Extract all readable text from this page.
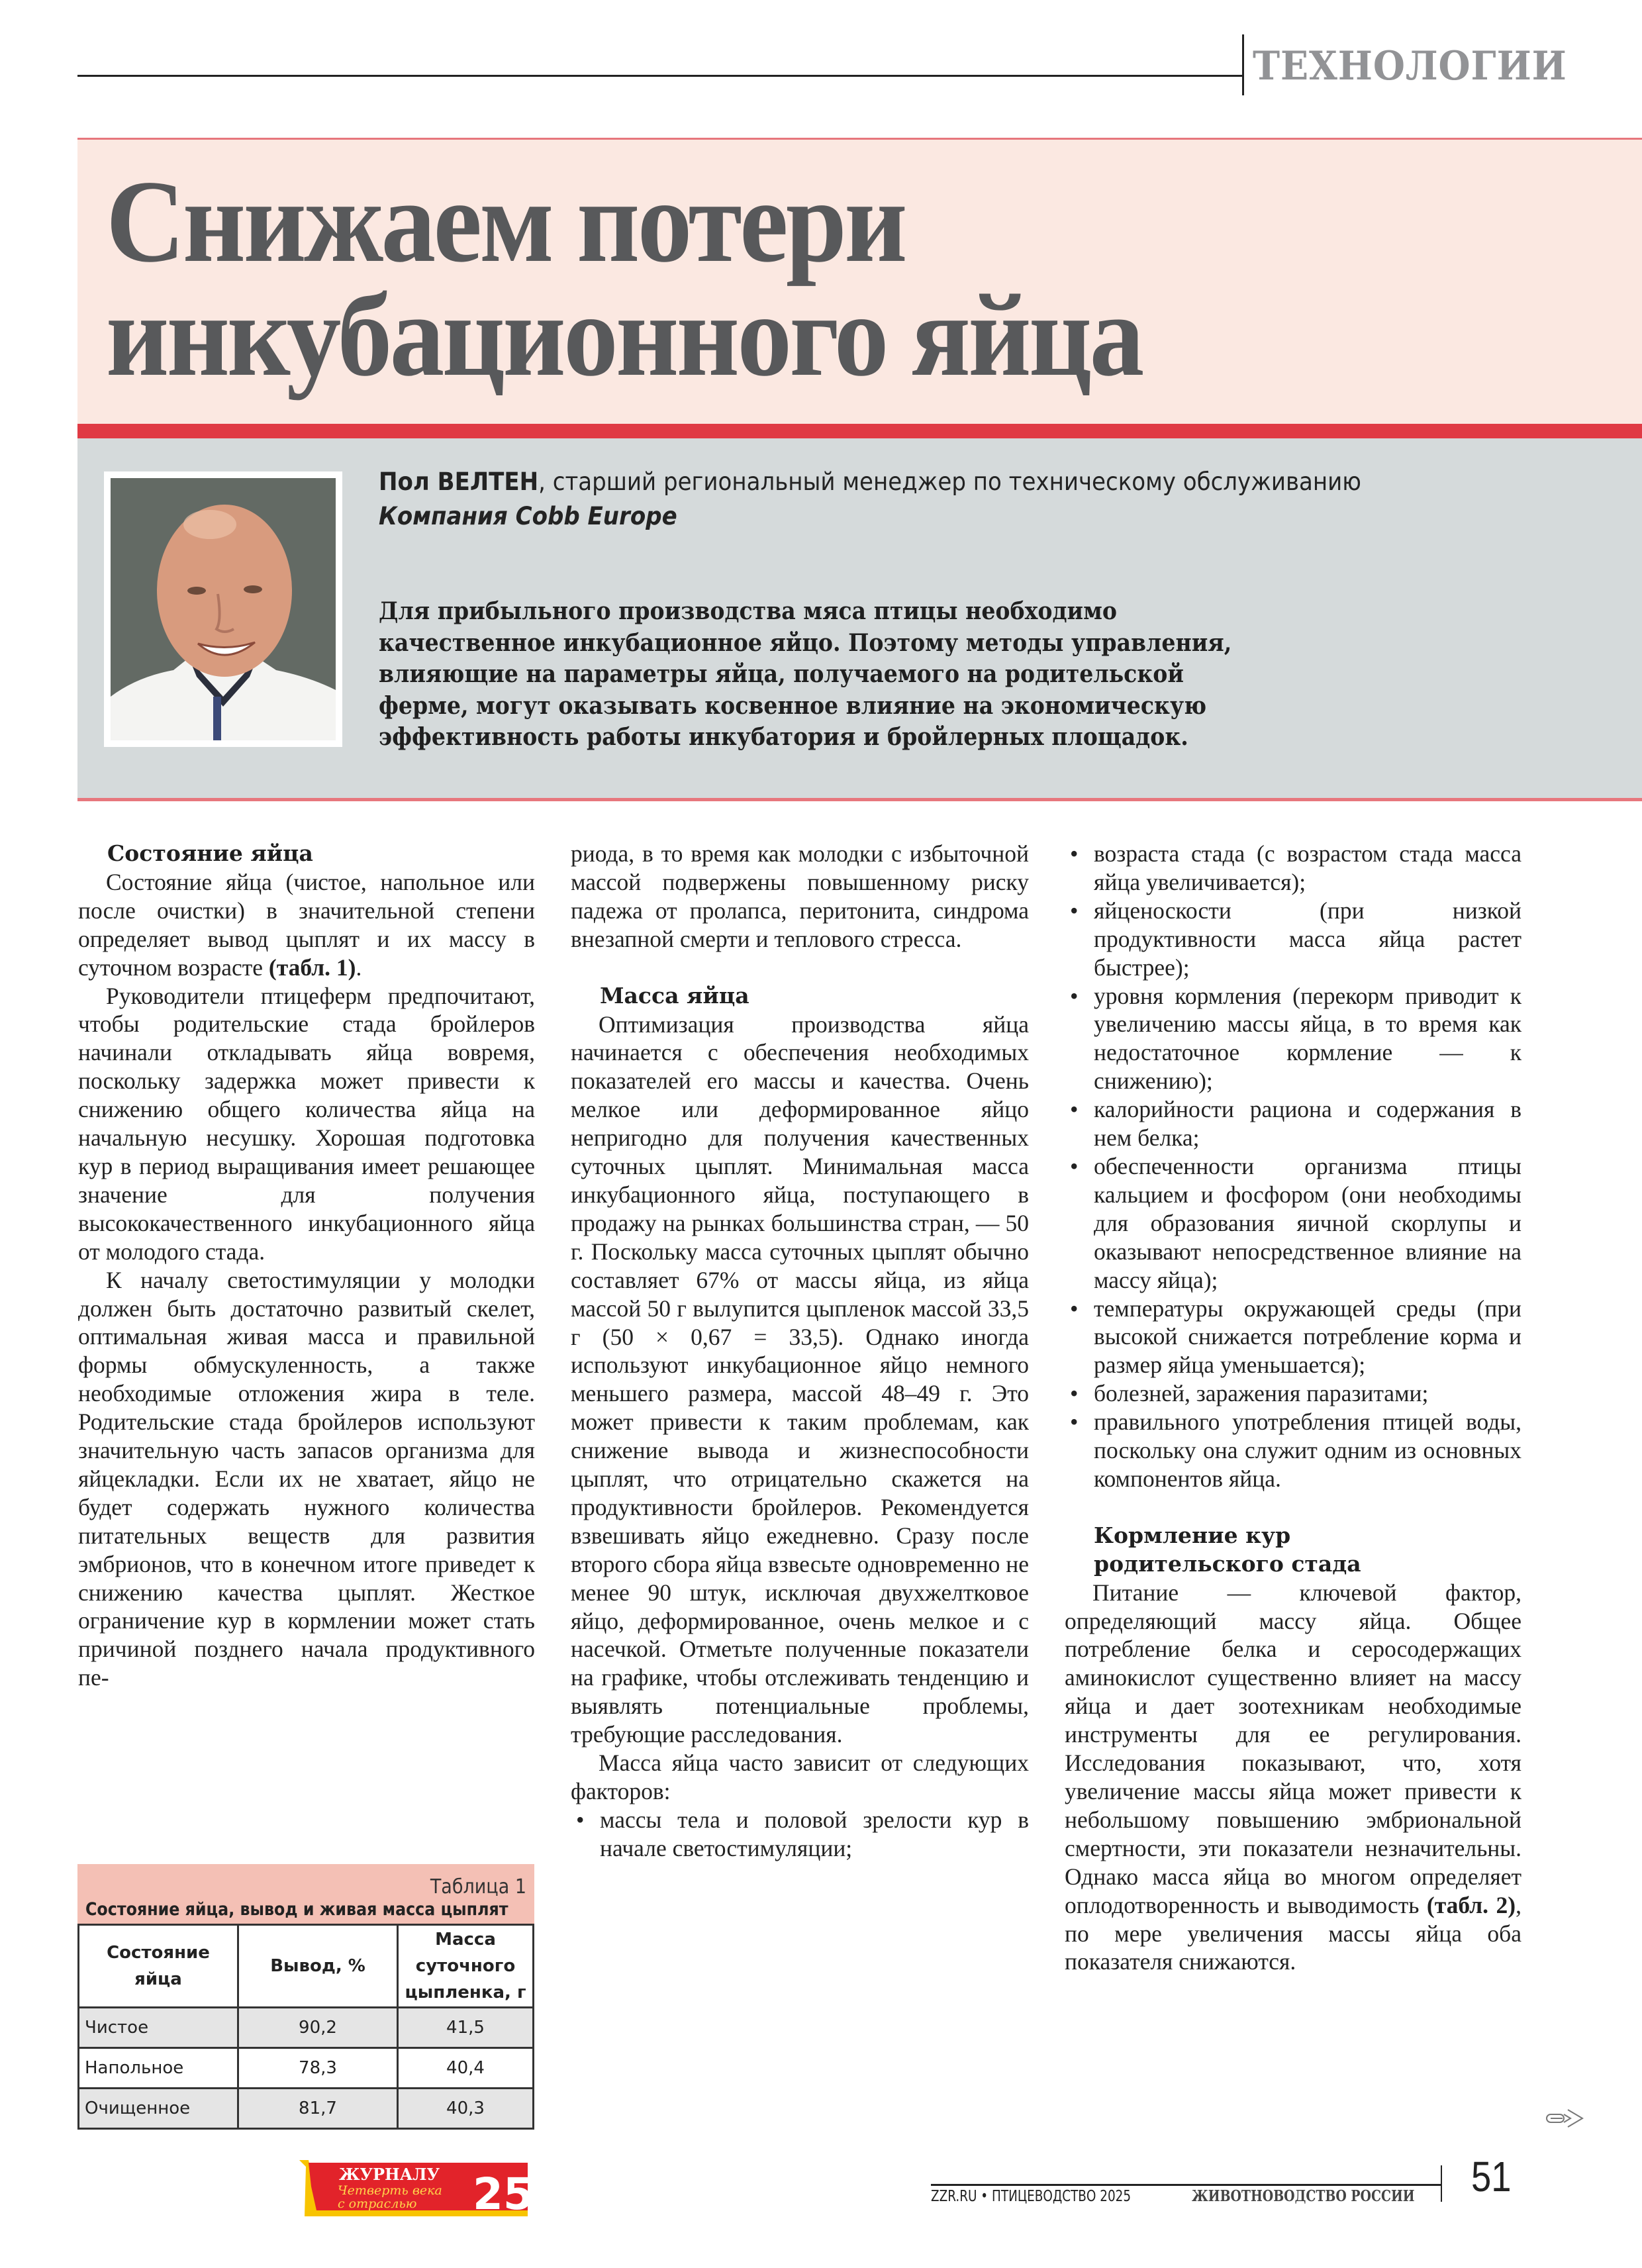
ТЕХНОЛОГИИ
Снижаем потери
инкубационного яйца
Пол ВЕЛТЕН, старший региональный менеджер по техническому обслуживанию
Компания Cobb Europe
Для прибыльного производства мяса птицы необходимо
качественное инкубационное яйцо. Поэтому методы управления,
влияющие на параметры яйца, получаемого на родительской
ферме, могут оказывать косвенное влияние на экономическую
эффективность работы инкубатория и бройлерных площадок.
Состояние яйца

Состояние яйца (чистое, напольное или после очистки) в значительной степени определяет вывод цыплят и их массу в суточном возрасте (табл. 1).

Руководители птицеферм предпочитают, чтобы родительские стада бройлеров начинали откладывать яйца вовремя, поскольку задержка может привести к снижению общего количества яйца на начальную несушку. Хорошая подготовка кур в период выращивания имеет решающее значение для получения высококачественного инкубационного яйца от молодого стада.

К началу светостимуляции у молодки должен быть достаточно развитый скелет, оптимальная живая масса и правильной формы обмускуленность, а также необходимые отложения жира в теле. Родительские стада бройлеров используют значительную часть запасов организма для яйцекладки. Если их не хватает, яйцо не будет содержать нужного количества питательных веществ для развития эмбрионов, что в конечном итоге приведет к снижению качества цыплят. Жесткое ограничение кур в кормлении может стать причиной позднего начала продуктивного пе-

Таблица 1
Состояние яйца, вывод и живая масса цыплят
Состояние яйца	Вывод, %	Масса суточного цыпленка, г
Чистое	90,2	41,5
Напольное	78,3	40,4
Очищенное	81,7	40,3

риода, в то время как молодки с избыточной массой подвержены повышенному риску падежа от пролапса, перитонита, синдрома внезапной смерти и теплового стресса.

Масса яйца

Оптимизация производства яйца начинается с обеспечения необходимых показателей его массы и качества. Очень мелкое или деформированное яйцо непригодно для получения качественных суточных цыплят. Минимальная масса инкубационного яйца, поступающего в продажу на рынках большинства стран, — 50 г. Поскольку масса суточных цыплят обычно составляет 67% от массы яйца, из яйца массой 50 г вылупится цыпленок массой 33,5 г (50 × 0,67 = 33,5). Однако иногда используют инкубационное яйцо немного меньшего размера, массой 48–49 г. Это может привести к таким проблемам, как снижение вывода и жизнеспособности цыплят, что отрицательно скажется на продуктивности бройлеров. Рекомендуется взвешивать яйцо ежедневно. Сразу после второго сбора яйца взвесьте одновременно не менее 90 штук, исключая двухжелтковое яйцо, деформированное, очень мелкое и с насечкой. Отметьте полученные показатели на графике, чтобы отслеживать тенденцию и выявлять потенциальные проблемы, требующие расследования.

Масса яйца часто зависит от следующих факторов:

• массы тела и половой зрелости кур в начале светостимуляции;
• возраста стада (с возрастом стада масса яйца увеличивается);
• яйценоскости (при низкой продуктивности масса яйца растет быстрее);
• уровня кормления (перекорм приводит к увеличению массы яйца, в то время как недостаточное кормление — к снижению);
• калорийности рациона и содержания в нем белка;
• обеспеченности организма птицы кальцием и фосфором (они необходимы для образования яичной скорлупы и оказывают непосредственное влияние на массу яйца);
• температуры окружающей среды (при высокой снижается потребление корма и размер яйца уменьшается);
• болезней, заражения паразитами;
• правильного употребления птицей воды, поскольку она служит одним из основных компонентов яйца.
Кормление кур
родительского стада

Питание — ключевой фактор, определяющий массу яйца. Общее потребление белка и серосодержащих аминокислот существенно влияет на массу яйца и дает зоотехникам необходимые инструменты для ее регулирования. Исследования показывают, что, хотя увеличение массы яйца может привести к небольшому повышению эмбриональной смертности, эти показатели незначительны. Однако масса яйца во многом определяет оплодотворенность и выводимость (табл. 2), по мере увеличения массы яйца оба показателя снижаются.

ЖУРНАЛУ
Четверть века
с отраслью 25	ZZR.RU • ПТИЦЕВОДСТВО 2025	ЖИВОТНОВОДСТВО РОССИИ 51
